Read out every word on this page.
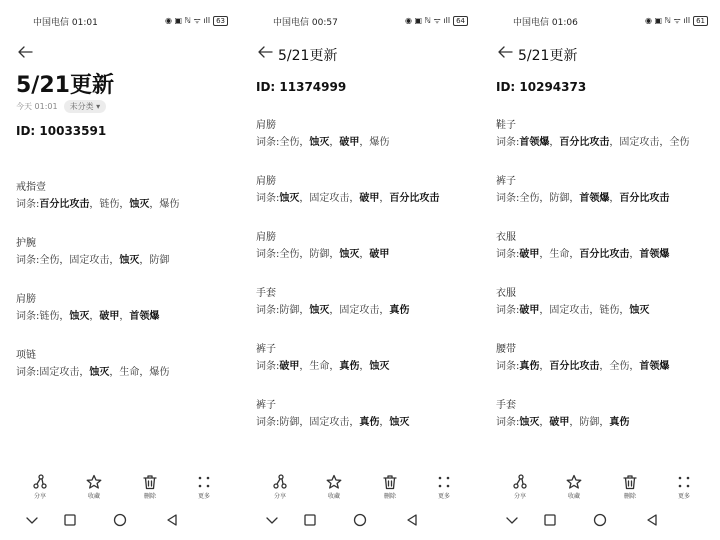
中国电信 01:01	◉ ▣ ℕ ᯤ ıll 63
5/21更新
今天 01:01	未分类 ▾
ID: 10033591
戒指壹
词条:百分比攻击，链伤，蚀灭，爆伤
护腕
词条:全伤，固定攻击，蚀灭，防御
肩膀
词条:链伤，蚀灭，破甲，首领爆
项链
词条:固定攻击，蚀灭，生命，爆伤
分享	收藏	删除	更多
中国电信 00:57	◉ ▣ ℕ ᯤ ıll 64
5/21更新
ID: 11374999
肩膀
词条:全伤，蚀灭，破甲，爆伤
肩膀
词条:蚀灭，固定攻击，破甲，百分比攻击
肩膀
词条:全伤，防御，蚀灭，破甲
手套
词条:防御，蚀灭，固定攻击，真伤
裤子
词条:破甲，生命，真伤，蚀灭
裤子
词条:防御，固定攻击，真伤，蚀灭
分享	收藏	删除	更多
中国电信 01:06	◉ ▣ ℕ ᯤ ıll 61
5/21更新
ID: 10294373
鞋子
词条:首领爆，百分比攻击，固定攻击，全伤
裤子
词条:全伤，防御，首领爆，百分比攻击
衣服
词条:破甲，生命，百分比攻击，首领爆
衣服
词条:破甲，固定攻击，链伤，蚀灭
腰带
词条:真伤，百分比攻击，全伤，首领爆
手套
词条:蚀灭，破甲，防御，真伤
分享	收藏	删除	更多
